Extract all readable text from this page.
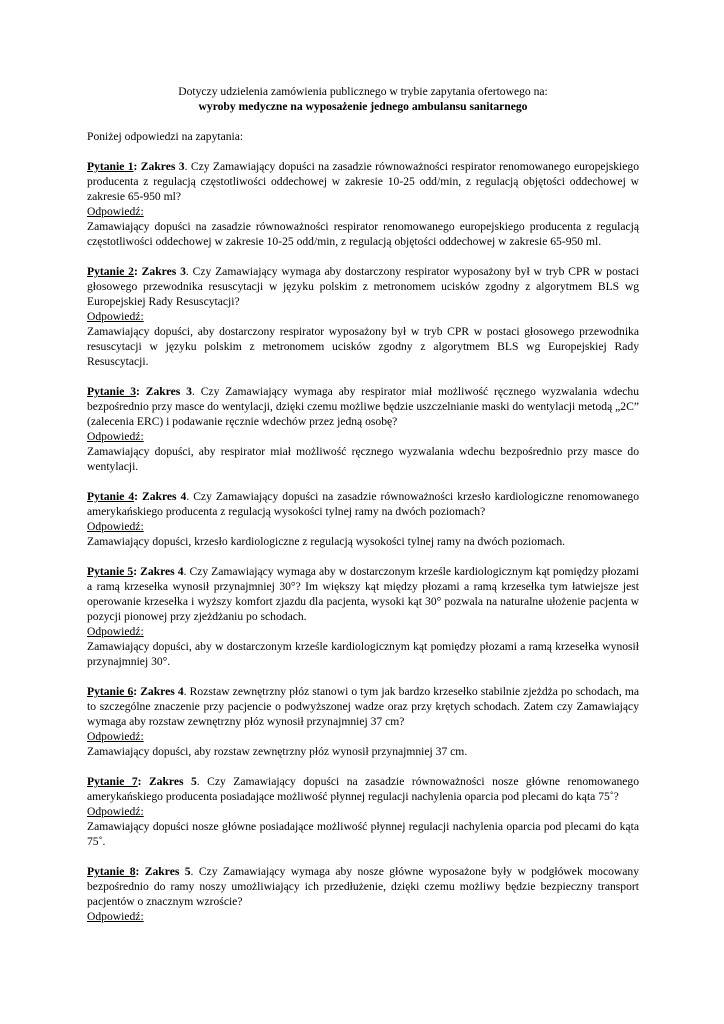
Dotyczy udzielenia zamówienia publicznego w trybie zapytania ofertowego na:
wyroby medyczne na wyposażenie jednego ambulansu sanitarnego

Poniżej odpowiedzi na zapytania:

Pytanie 1: Zakres 3. Czy Zamawiający dopuści na zasadzie równoważności respirator renomowanego europejskiego producenta z regulacją częstotliwości oddechowej w zakresie 10-25 odd/min, z regulacją objętości oddechowej w zakresie 65-950 ml?

Odpowiedź:

Zamawiający dopuści na zasadzie równoważności respirator renomowanego europejskiego producenta z regulacją częstotliwości oddechowej w zakresie 10-25 odd/min, z regulacją objętości oddechowej w zakresie 65-950 ml.

Pytanie 2: Zakres 3. Czy Zamawiający wymaga aby dostarczony respirator wyposażony był w tryb CPR w postaci głosowego przewodnika resuscytacji w języku polskim z metronomem ucisków zgodny z algorytmem BLS wg Europejskiej Rady Resuscytacji?

Odpowiedź:

Zamawiający dopuści, aby dostarczony respirator wyposażony był w tryb CPR w postaci głosowego przewodnika resuscytacji w języku polskim z metronomem ucisków zgodny z algorytmem BLS wg Europejskiej Rady Resuscytacji.

Pytanie 3: Zakres 3. Czy Zamawiający wymaga aby respirator miał możliwość ręcznego wyzwalania wdechu bezpośrednio przy masce do wentylacji, dzięki czemu możliwe będzie uszczelnianie maski do wentylacji metodą „2C” (zalecenia ERC) i podawanie ręcznie wdechów przez jedną osobę?

Odpowiedź:

Zamawiający dopuści, aby respirator miał możliwość ręcznego wyzwalania wdechu bezpośrednio przy masce do wentylacji.

Pytanie 4: Zakres 4. Czy Zamawiający dopuści na zasadzie równoważności krzesło kardiologiczne renomowanego amerykańskiego producenta z regulacją wysokości tylnej ramy na dwóch poziomach?

Odpowiedź:

Zamawiający dopuści, krzesło kardiologiczne z regulacją wysokości tylnej ramy na dwóch poziomach.

Pytanie 5: Zakres 4. Czy Zamawiający wymaga aby w dostarczonym krześle kardiologicznym kąt pomiędzy płozami a ramą krzesełka wynosił przynajmniej 30°? Im większy kąt między płozami a ramą krzesełka tym łatwiejsze jest operowanie krzesełka i wyższy komfort zjazdu dla pacjenta, wysoki kąt 30° pozwala na naturalne ułożenie pacjenta w pozycji pionowej przy zjeżdżaniu po schodach.

Odpowiedź:

Zamawiający dopuści, aby w dostarczonym krześle kardiologicznym kąt pomiędzy płozami a ramą krzesełka wynosił przynajmniej 30°.

Pytanie 6: Zakres 4. Rozstaw zewnętrzny płóz stanowi o tym jak bardzo krzesełko stabilnie zjeżdża po schodach, ma to szczególne znaczenie przy pacjencie o podwyższonej wadze oraz przy krętych schodach. Zatem czy Zamawiający wymaga aby rozstaw zewnętrzny płóz wynosił przynajmniej 37 cm?

Odpowiedź:

Zamawiający dopuści, aby rozstaw zewnętrzny płóz wynosił przynajmniej 37 cm.

Pytanie 7: Zakres 5. Czy Zamawiający dopuści na zasadzie równoważności nosze główne renomowanego amerykańskiego producenta posiadające możliwość płynnej regulacji nachylenia oparcia pod plecami do kąta 75˚?

Odpowiedź:

Zamawiający dopuści nosze główne posiadające możliwość płynnej regulacji nachylenia oparcia pod plecami do kąta 75˚.

Pytanie 8: Zakres 5. Czy Zamawiający wymaga aby nosze główne wyposażone były w podgłówek mocowany bezpośrednio do ramy noszy umożliwiający ich przedłużenie, dzięki czemu możliwy będzie bezpieczny transport pacjentów o znacznym wzroście?

Odpowiedź:
